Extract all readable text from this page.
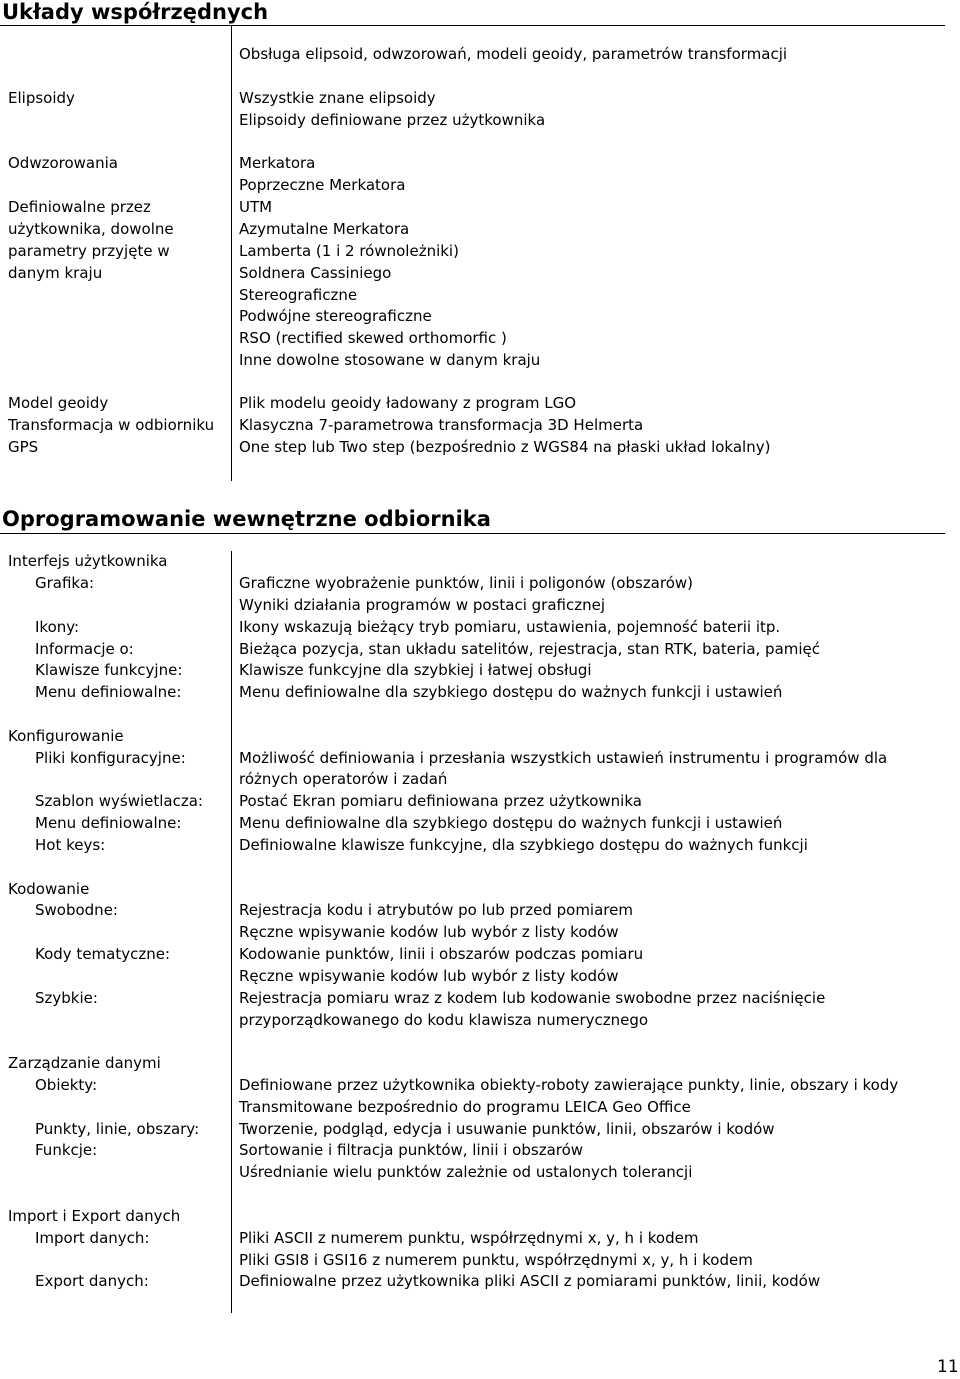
Układy współrzędnych
Obsługa elipsoid, odwzorowań, modeli geoidy, parametrów transformacji
Elipsoidy
Odwzorowania
Definiowalne przez
użytkownika, dowolne
parametry przyjęte w
danym kraju
Model geoidy
Transformacja w odbiorniku
GPS
Wszystkie znane elipsoidy
Elipsoidy definiowane przez użytkownika
Merkatora
Poprzeczne Merkatora
UTM
Azymutalne Merkatora
Lamberta (1 i 2 równoleżniki)
Soldnera Cassiniego
Stereograficzne
Podwójne stereograficzne
RSO (rectified skewed orthomorfic )
Inne dowolne stosowane w danym kraju
Plik modelu geoidy ładowany z program LGO
Klasyczna 7-parametrowa transformacja 3D Helmerta
One step lub Two step (bezpośrednio z WGS84 na płaski układ lokalny)
Oprogramowanie wewnętrzne odbiornika
Interfejs użytkownika
Grafika:
Ikony:
Informacje o:
Klawisze funkcyjne:
Menu definiowalne:
Graficzne wyobrażenie punktów, linii i poligonów (obszarów)
Wyniki działania programów w postaci graficznej
Ikony wskazują bieżący tryb pomiaru, ustawienia, pojemność baterii itp.
Bieżąca pozycja, stan układu satelitów, rejestracja, stan RTK, bateria, pamięć
Klawisze funkcyjne dla szybkiej i łatwej obsługi
Menu definiowalne dla szybkiego dostępu do ważnych funkcji i ustawień
Konfigurowanie
Pliki konfiguracyjne:
Szablon wyświetlacza:
Menu definiowalne:
Hot keys:
Możliwość definiowania i przesłania wszystkich ustawień instrumentu i programów dla
różnych operatorów i zadań
Postać Ekran pomiaru definiowana przez użytkownika
Menu definiowalne dla szybkiego dostępu do ważnych funkcji i ustawień
Definiowalne klawisze funkcyjne, dla szybkiego dostępu do ważnych funkcji
Kodowanie
Swobodne:
Kody tematyczne:
Szybkie:
Rejestracja kodu i atrybutów po lub przed pomiarem
Ręczne wpisywanie kodów lub wybór z listy kodów
Kodowanie punktów, linii i obszarów podczas pomiaru
Ręczne wpisywanie kodów lub wybór z listy kodów
Rejestracja pomiaru wraz z kodem lub kodowanie swobodne przez naciśnięcie
przyporządkowanego do kodu klawisza numerycznego
Zarządzanie danymi
Obiekty:
Punkty, linie, obszary:
Funkcje:
Definiowane przez użytkownika obiekty-roboty zawierające punkty, linie, obszary i kody
Transmitowane bezpośrednio do programu LEICA Geo Office
Tworzenie, podgląd, edycja i usuwanie punktów, linii, obszarów i kodów
Sortowanie i filtracja punktów, linii i obszarów
Uśrednianie wielu punktów zależnie od ustalonych tolerancji
Import i Export danych
Import danych:
Export danych:
Pliki ASCII z numerem punktu, współrzędnymi x, y, h i kodem
Pliki GSI8 i GSI16 z numerem punktu, współrzędnymi x, y, h i kodem
Definiowalne przez użytkownika pliki ASCII z pomiarami punktów, linii, kodów
11
